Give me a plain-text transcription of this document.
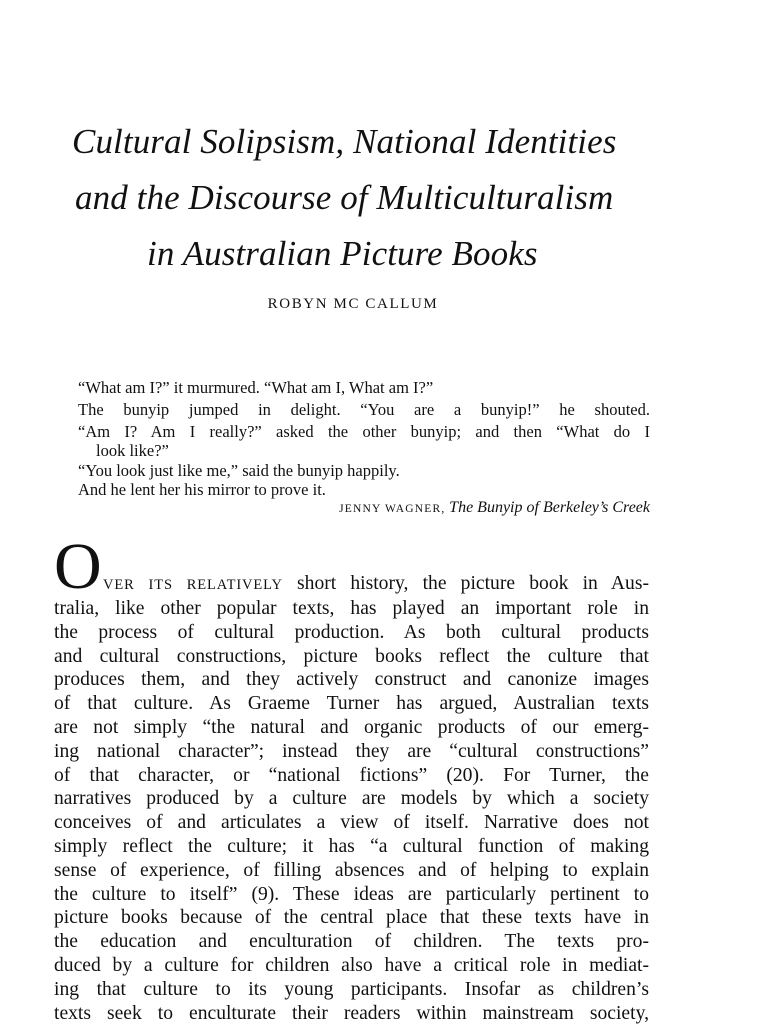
Cultural Solipsism, National Identities
and the Discourse of Multiculturalism
in Australian Picture Books
ROBYN MC CALLUM
“What am I?” it murmured. “What am I, What am I?”
The bunyip jumped in delight. “You are a bunyip!” he shouted.
“Am I? Am I really?” asked the other bunyip; and then “What do I
look like?”
“You look just like me,” said the bunyip happily.
And he lent her his mirror to prove it.
JENNY WAGNER, The Bunyip of Berkeley’s Creek
O VER ITS RELATIVELY short history, the picture book in Aus-
tralia, like other popular texts, has played an important role in
the process of cultural production. As both cultural products
and cultural constructions, picture books reflect the culture that
produces them, and they actively construct and canonize images
of that culture. As Graeme Turner has argued, Australian texts
are not simply “the natural and organic products of our emerg-
ing national character”; instead they are “cultural constructions”
of that character, or “national fictions” (20). For Turner, the
narratives produced by a culture are models by which a society
conceives of and articulates a view of itself. Narrative does not
simply reflect the culture; it has “a cultural function of making
sense of experience, of filling absences and of helping to explain
the culture to itself” (9). These ideas are particularly pertinent to
picture books because of the central place that these texts have in
the education and enculturation of children. The texts pro-
duced by a culture for children also have a critical role in mediat-
ing that culture to its young participants. Insofar as children’s
texts seek to enculturate their readers within mainstream society,
